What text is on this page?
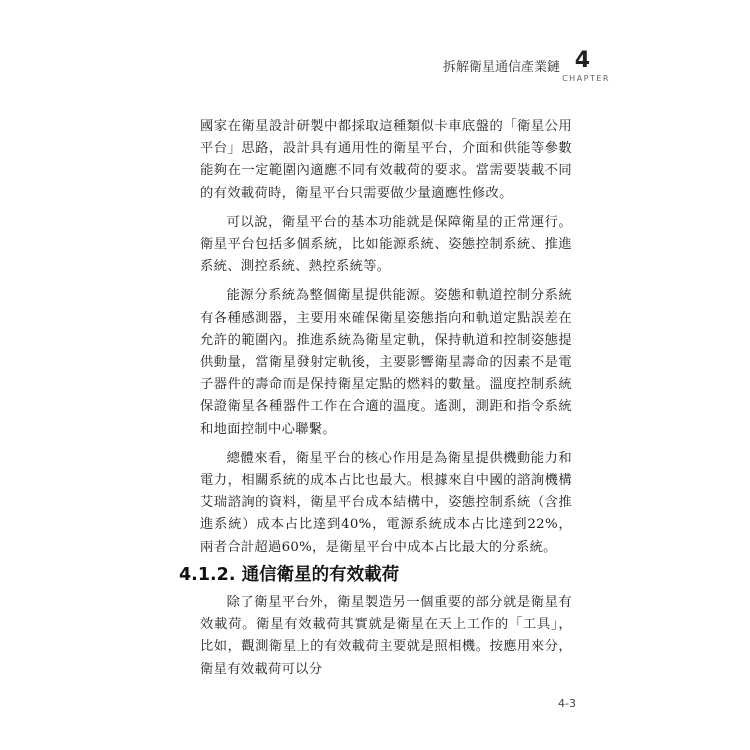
拆解衛星通信產業鏈 4
CHAPTER

國家在衛星設計研製中都採取這種類似卡車底盤的「衛星公用平台」思路，設計具有通用性的衛星平台，介面和供能等參數能夠在一定範圍內適應不同有效載荷的要求。當需要裝載不同的有效載荷時，衛星平台只需要做少量適應性修改。

可以說，衛星平台的基本功能就是保障衛星的正常運行。衛星平台包括多個系統，比如能源系統、姿態控制系統、推進系統、測控系統、熱控系統等。

能源分系統為整個衛星提供能源。姿態和軌道控制分系統有各種感測器，主要用來確保衛星姿態指向和軌道定點誤差在允許的範圍內。推進系統為衛星定軌，保持軌道和控制姿態提供動量，當衛星發射定軌後，主要影響衛星壽命的因素不是電子器件的壽命而是保持衛星定點的燃料的數量。溫度控制系統保證衛星各種器件工作在合適的溫度。遙測，測距和指令系統和地面控制中心聯繫。

總體來看，衛星平台的核心作用是為衛星提供機動能力和電力，相關系統的成本占比也最大。根據來自中國的諮詢機構艾瑞諮詢的資料，衛星平台成本結構中，姿態控制系統（含推進系統）成本占比達到40%，電源系統成本占比達到22%，兩者合計超過60%，是衛星平台中成本占比最大的分系統。

4.1.2. 通信衛星的有效載荷

除了衛星平台外，衛星製造另一個重要的部分就是衛星有效載荷。衛星有效載荷其實就是衛星在天上工作的「工具」，比如，觀測衛星上的有效載荷主要就是照相機。按應用來分，衛星有效載荷可以分

4-3
